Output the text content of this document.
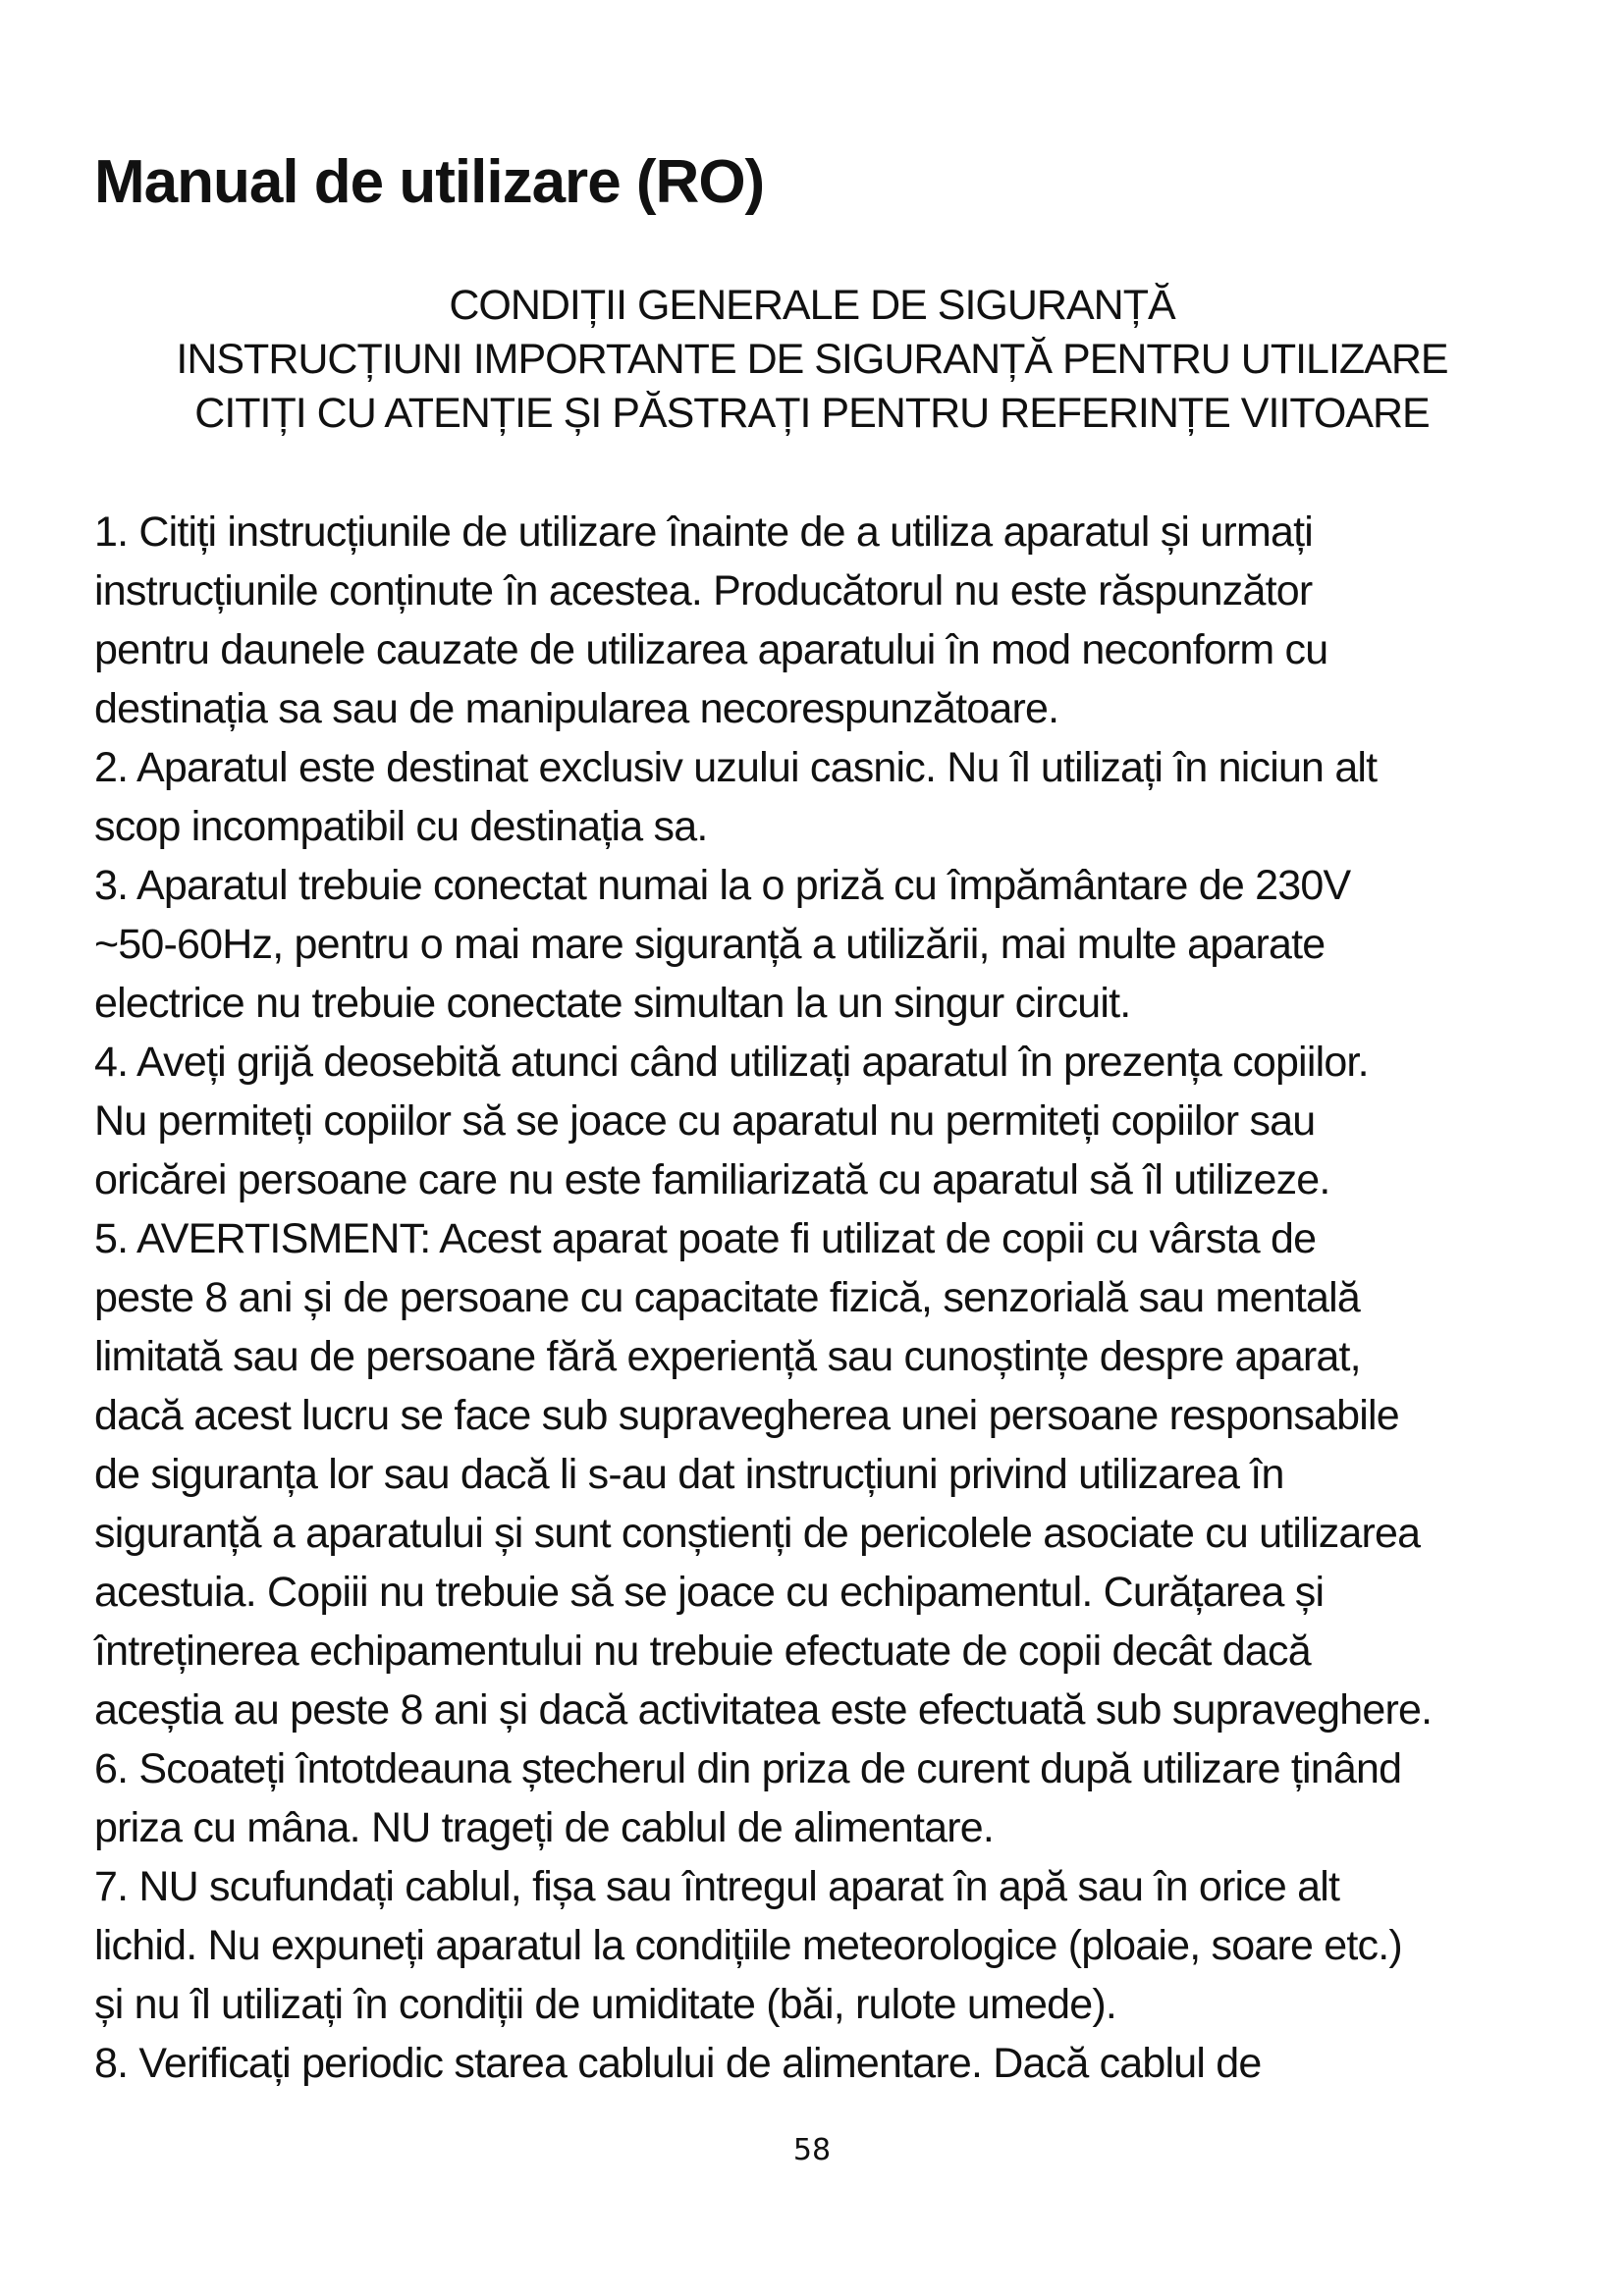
Manual de utilizare (RO)
CONDIȚII GENERALE DE SIGURANȚĂ
INSTRUCȚIUNI IMPORTANTE DE SIGURANȚĂ PENTRU UTILIZARE
CITIȚI CU ATENȚIE ȘI PĂSTRAȚI PENTRU REFERINȚE VIITOARE
1. Citiți instrucțiunile de utilizare înainte de a utiliza aparatul și urmați
instrucțiunile conținute în acestea. Producătorul nu este răspunzător
pentru daunele cauzate de utilizarea aparatului în mod neconform cu
destinația sa sau de manipularea necorespunzătoare.
2. Aparatul este destinat exclusiv uzului casnic. Nu îl utilizați în niciun alt
scop incompatibil cu destinația sa.
3. Aparatul trebuie conectat numai la o priză cu împământare de 230V
~50-60Hz, pentru o mai mare siguranță a utilizării, mai multe aparate
electrice nu trebuie conectate simultan la un singur circuit.
4. Aveți grijă deosebită atunci când utilizați aparatul în prezența copiilor.
Nu permiteți copiilor să se joace cu aparatul nu permiteți copiilor sau
oricărei persoane care nu este familiarizată cu aparatul să îl utilizeze.
5. AVERTISMENT: Acest aparat poate fi utilizat de copii cu vârsta de
peste 8 ani și de persoane cu capacitate fizică, senzorială sau mentală
limitată sau de persoane fără experiență sau cunoștințe despre aparat,
dacă acest lucru se face sub supravegherea unei persoane responsabile
de siguranța lor sau dacă li s-au dat instrucțiuni privind utilizarea în
siguranță a aparatului și sunt conștienți de pericolele asociate cu utilizarea
acestuia. Copiii nu trebuie să se joace cu echipamentul. Curățarea și
întreținerea echipamentului nu trebuie efectuate de copii decât dacă
aceștia au peste 8 ani și dacă activitatea este efectuată sub supraveghere.
6. Scoateți întotdeauna ștecherul din priza de curent după utilizare ținând
priza cu mâna. NU trageți de cablul de alimentare.
7. NU scufundați cablul, fișa sau întregul aparat în apă sau în orice alt
lichid. Nu expuneți aparatul la condițiile meteorologice (ploaie, soare etc.)
și nu îl utilizați în condiții de umiditate (băi, rulote umede).
8. Verificați periodic starea cablului de alimentare. Dacă cablul de
58
